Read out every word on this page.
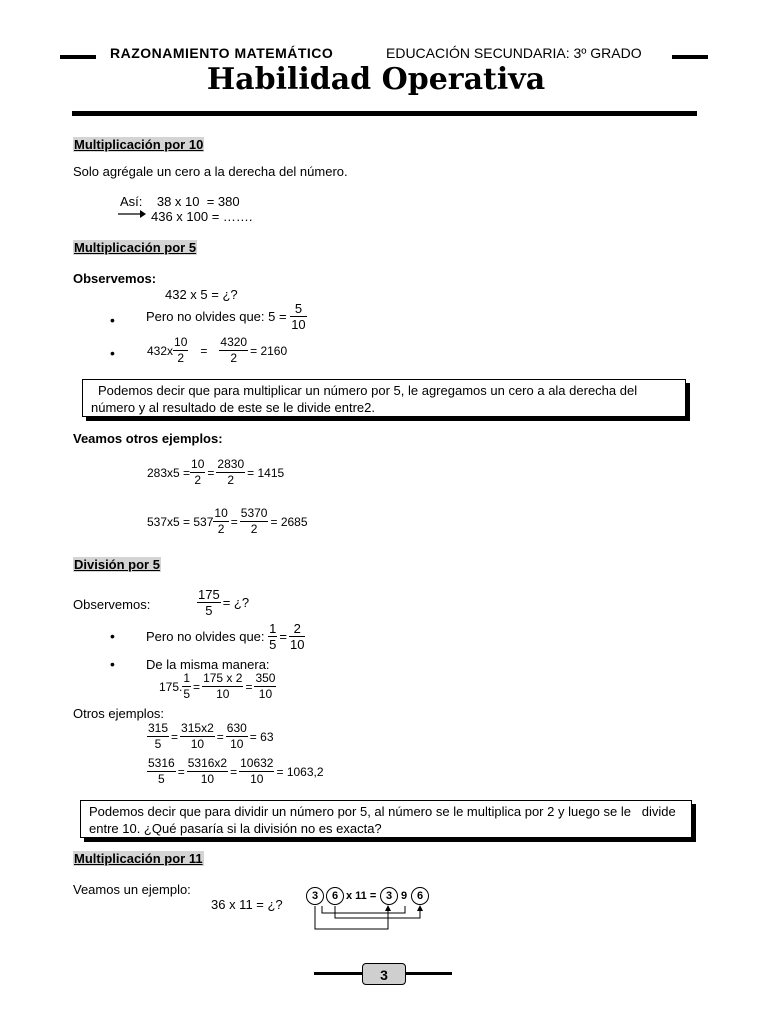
RAZONAMIENTO MATEMÁTICO	EDUCACIÓN SECUNDARIA: 3º GRADO
Habilidad Operativa
Multiplicación por 10
Solo agrégale un cero a la derecha del número.
Así:    38 x 10  = 380
436 x 100 = …….
Multiplicación por 5
Observemos:
432 x 5 = ¿?
• Pero no olvides que: 5 =
$\frac{5}{10}$
•	$432x \frac{10}{2}$	=	$\frac{4320}{2} = 2160$
Podemos decir que para multiplicar un número por 5, le agregamos un cero a ala derecha del número y al resultado de este se le divide entre2.
Veamos otros ejemplos:
$283x5 = \frac{10}{2} = \frac{2830}{2} = 1415$
$537x5 = 537 \frac{10}{2} = \frac{5370}{2} = 2685$
División por 5
Observemos:	$\frac{175}{5}$ = ¿?
• Pero no olvides que:
$\frac{1}{5} = \frac{2}{10}$
• De la misma manera:
175. $\frac{1}{5} = \frac{175 x 2}{10} = \frac{350}{10}$
Otros ejemplos:
$\frac{315}{5} = \frac{315x2}{10} = \frac{630}{10} = 63$
$\frac{5316}{5} = \frac{5316x2}{10} = \frac{10632}{10} = 1063,2$
Podemos decir que para dividir un número por 5, al número se le multiplica por 2 y luego se le   divide entre 10. ¿Qué pasaría si la división no es exacta?
Multiplicación por 11
Veamos un ejemplo:
36 x 11 = ¿?
3	6 x 11 = 3 9 6
3
